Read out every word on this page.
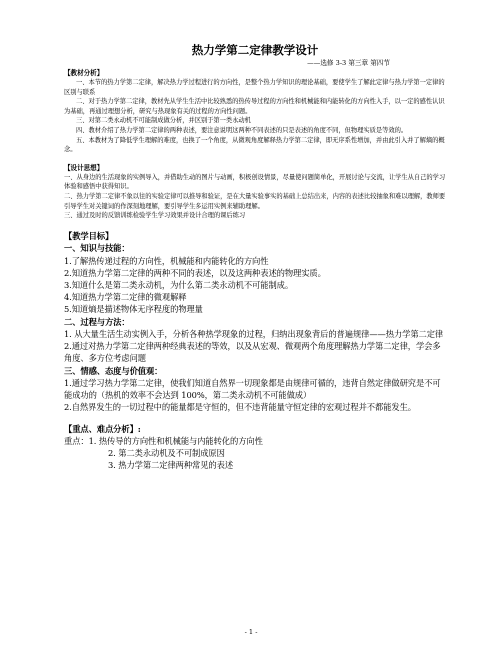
热力学第二定律教学设计
——选修 3-3 第三章 第四节
【教材分析】

一、本节的热力学第二定律，解决热力学过程进行的方向性，是整个热力学知识的理论基础，要使学生了解此定律与热力学第一定律的区别与联系

二、对于热力学第二定律，教材先从学生生活中比较熟悉的热传导过程的方向性和机械能和内能转化的方向性入手，以一定的感性认识为基础，再通过理想分析，研究与热现象有关的过程的方向性问题。

三、对第二类永动机不可能制成做分析，并区别于第一类永动机

四、教材介绍了热力学第二定律的两种表述，要注意说明这两种不同表述的只是表述的角度不同，但物理实质是等效的。

五、本教材为了降低学生理解的难度，也换了一个角度，从微观角度解释热力学第二定律，即无序系性增加，并由此引入并了解熵的概念。

【设计思想】

一、从身边的生活现象的实例导入，并借助生动的图片与动画，积极创设情景，尽量使问题简单化，开展讨论与交流，让学生从自己的学习体验和感悟中获得知识。

二、热力学第二定律不象以往的实验定律可以推导和验证，是在大量实验事实的基础上总结出来，内容的表述比较抽象和难以理解，教师要引导学生对关键词的作深刻地理解，要引导学生多运用实例来辅助理解。

三、通过及时的反馈训练检验学生学习效果并设计合理的课后练习

【教学目标】
一、知识与技能：

1.了解热传递过程的方向性，机械能和内能转化的方向性

2.知道热力学第二定律的两种不同的表述，以及这两种表述的物理实质。

3.知道什么是第二类永动机，为什么第二类永动机不可能制成。

4.知道热力学第二定律的微观解释

5.知道熵是描述物体无序程度的物理量

二、过程与方法：

1. 从大量生活生动实例入手，分析各种热学现象的过程，归纳出现象背后的普遍规律——热力学第二定律

2.通过对热力学第二定律两种经典表述的等效，以及从宏观、微观两个角度理解热力学第二定律，学会多角度、多方位考虑问题

三、情感、态度与价值观：

1.通过学习热力学第二定律，使我们知道自然界一切现象都是由规律可循的，违背自然定律做研究是不可能成功的（热机的效率不会达到 100%，第二类永动机不可能做成）

2.自然界发生的一切过程中的能量都是守恒的，但不违背能量守恒定律的宏观过程并不都能发生。

【重点、难点分析】:

重点：1. 热传导的方向性和机械能与内能转化的方向性

2. 第二类永动机及不可制成原因

3. 热力学第二定律两种常见的表述

- 1 -
